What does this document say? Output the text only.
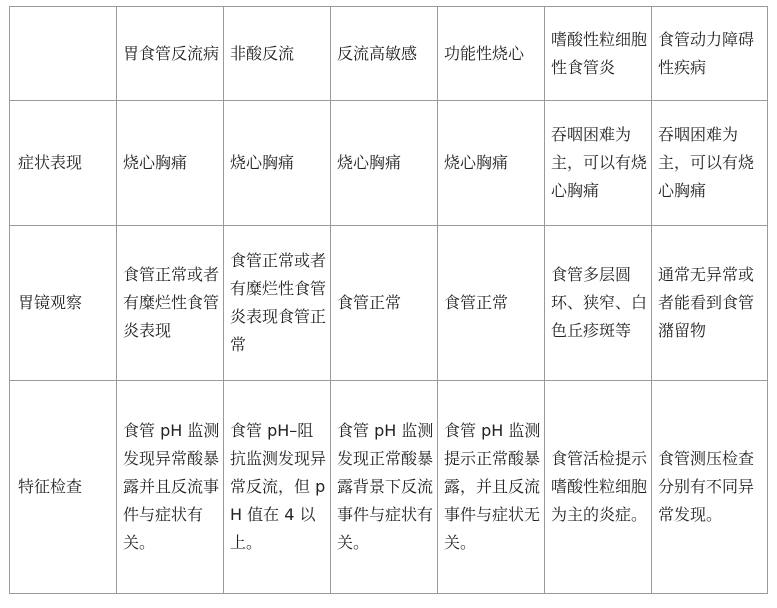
	胃食管反流病	非酸反流	反流高敏感	功能性烧心	嗜酸性粒细胞性食管炎	食管动力障碍性疾病
症状表现	烧心胸痛	烧心胸痛	烧心胸痛	烧心胸痛	吞咽困难为主，可以有烧心胸痛	吞咽困难为主，可以有烧心胸痛
胃镜观察	食管正常或者有糜烂性食管炎表现	食管正常或者有糜烂性食管炎表现食管正常	食管正常	食管正常	食管多层圆环、狭窄、白色丘疹斑等	通常无异常或者能看到食管潴留物
特征检查	食管 pH 监测发现异常酸暴露并且反流事件与症状有关。	食管 pH–阻抗监测发现异常反流，但 pH 值在 4 以上。	食管 pH 监测发现正常酸暴露背景下反流事件与症状有关。	食管 pH 监测提示正常酸暴露，并且反流事件与症状无关。	食管活检提示嗜酸性粒细胞为主的炎症。	食管测压检查分别有不同异常发现。
